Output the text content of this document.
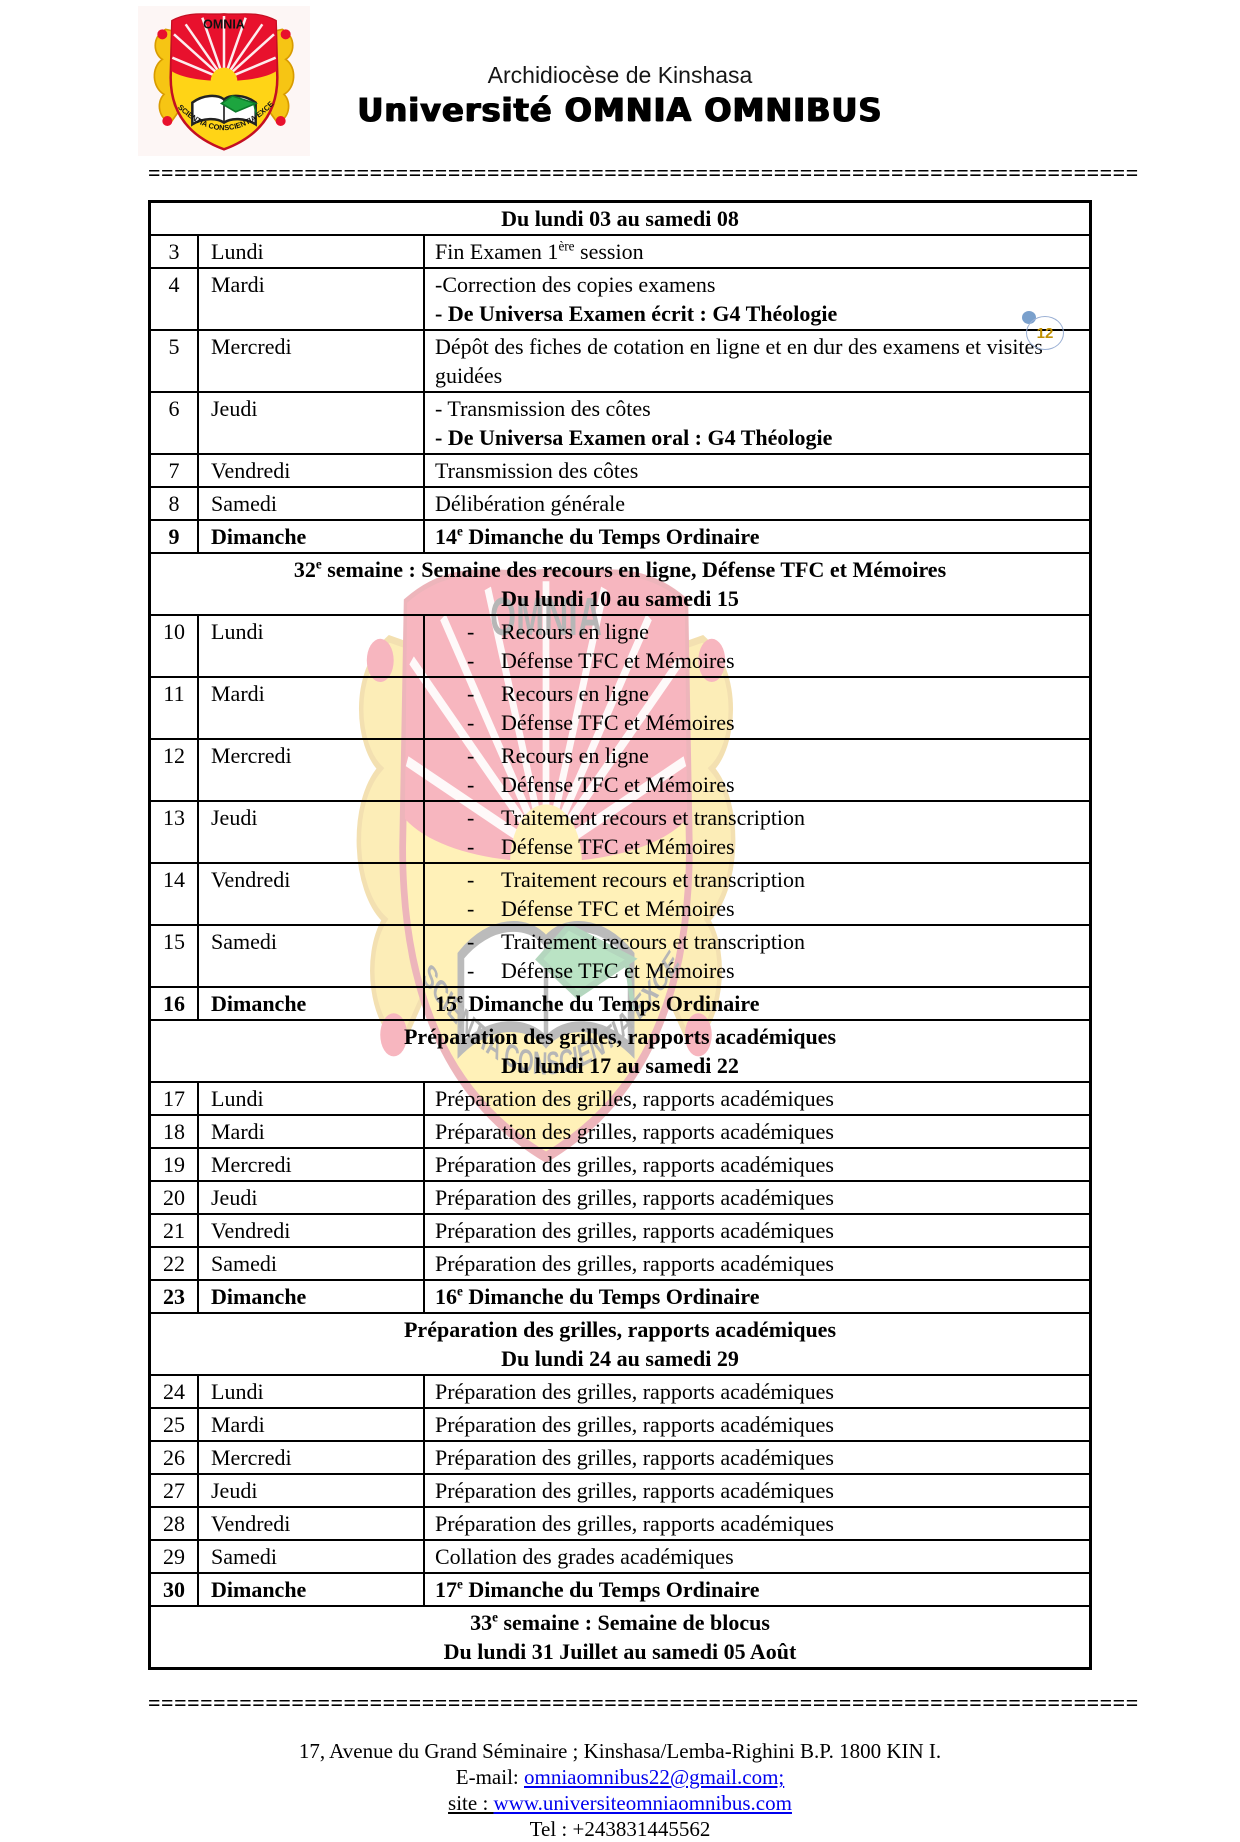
Archidiocèse de Kinshasa
Université OMNIA OMNIBUS
============================================================================
Du lundi 03 au samedi 08
3	Lundi	Fin Examen 1ère session
4	Mardi	-Correction des copies examens
- De Universa Examen écrit : G4 Théologie
5	Mercredi	Dépôt des fiches de cotation en ligne et en dur des examens et visites guidées
6	Jeudi	- Transmission des côtes
- De Universa Examen oral : G4 Théologie
7	Vendredi	Transmission des côtes
8	Samedi	Délibération générale
9	Dimanche	14e Dimanche du Temps Ordinaire
32e semaine : Semaine des recours en ligne, Défense TFC et Mémoires
Du lundi 10 au samedi 15
10	Lundi	-	Recours en ligne
-	Défense TFC et Mémoires
11	Mardi	-	Recours en ligne
-	Défense TFC et Mémoires
12	Mercredi	-	Recours en ligne
-	Défense TFC et Mémoires
13	Jeudi	-	Traitement recours et transcription
-	Défense TFC et Mémoires
14	Vendredi	-	Traitement recours et transcription
-	Défense TFC et Mémoires
15	Samedi	-	Traitement recours et transcription
-	Défense TFC et Mémoires
16	Dimanche	15e Dimanche du Temps Ordinaire
Préparation des grilles, rapports académiques
Du lundi 17 au samedi 22
17	Lundi	Préparation des grilles, rapports académiques
18	Mardi	Préparation des grilles, rapports académiques
19	Mercredi	Préparation des grilles, rapports académiques
20	Jeudi	Préparation des grilles, rapports académiques
21	Vendredi	Préparation des grilles, rapports académiques
22	Samedi	Préparation des grilles, rapports académiques
23	Dimanche	16e Dimanche du Temps Ordinaire
Préparation des grilles, rapports académiques
Du lundi 24 au samedi 29
24	Lundi	Préparation des grilles, rapports académiques
25	Mardi	Préparation des grilles, rapports académiques
26	Mercredi	Préparation des grilles, rapports académiques
27	Jeudi	Préparation des grilles, rapports académiques
28	Vendredi	Préparation des grilles, rapports académiques
29	Samedi	Collation des grades académiques
30	Dimanche	17e Dimanche du Temps Ordinaire
33e semaine : Semaine de blocus
Du lundi 31 Juillet au samedi 05 Août
12
============================================================================
17, Avenue du Grand Séminaire ; Kinshasa/Lemba-Righini B.P. 1800 KIN I.
E-mail: omniaomnibus22@gmail.com;
site : www.universiteomniaomnibus.com
Tel : +243831445562
